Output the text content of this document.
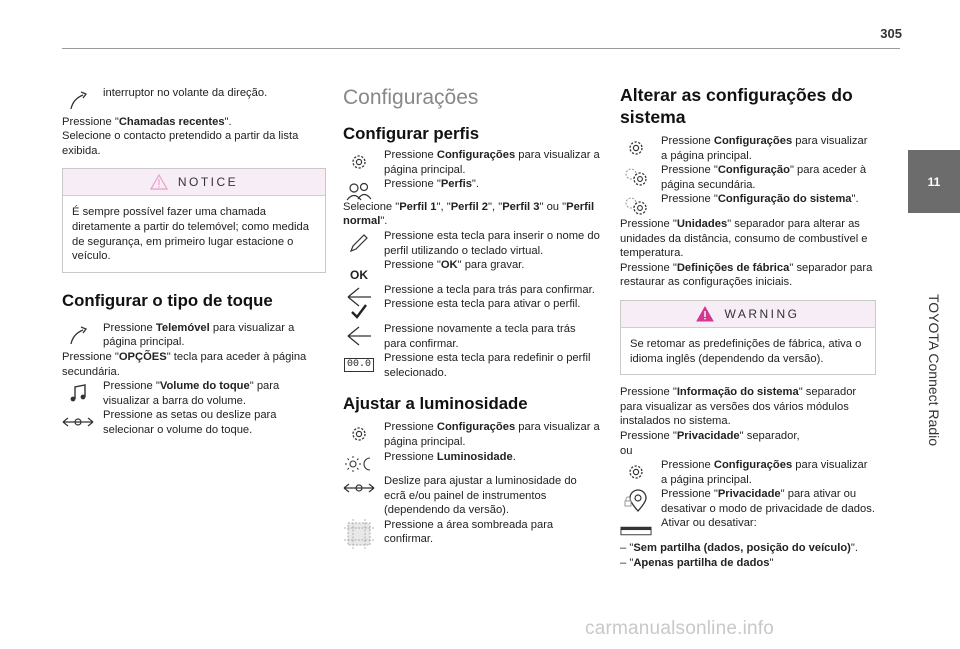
305
11
TOYOTA Connect Radio
carmanualsonline.info

interruptor no volante da direção.

Pressione "Chamadas recentes".

Selecione o contacto pretendido a partir da lista exibida.

NOTICE

É sempre possível fazer uma chamada diretamente a partir do telemóvel; como medida de segurança, em primeiro lugar estacione o veículo.

Configurar o tipo de toque

Pressione Telemóvel para visualizar a página principal.

Pressione "OPÇÕES" tecla para aceder à página secundária.

Pressione "Volume do toque" para visualizar a barra do volume.

Pressione as setas ou deslize para selecionar o volume do toque.

Configurações

Configurar perfis

Pressione Configurações para visualizar a página principal.

Pressione "Perfis".

Selecione "Perfil 1", "Perfil 2", "Perfil 3" ou "Perfil normal".

Pressione esta tecla para inserir o nome do perfil utilizando o teclado virtual.

OK

Pressione "OK" para gravar.

Pressione a tecla para trás para confirmar.

Pressione esta tecla para ativar o perfil.

Pressione novamente a tecla para trás para confirmar.

00.0

Pressione esta tecla para redefinir o perfil selecionado.

Ajustar a luminosidade

Pressione Configurações para visualizar a página principal.

Pressione Luminosidade.

Deslize para ajustar a luminosidade do ecrã e/ou painel de instrumentos (dependendo da versão).

Pressione a área sombreada para confirmar.

Alterar as configurações do sistema

Pressione Configurações para visualizar a página principal.

Pressione "Configuração" para aceder à página secundária.

Pressione "Configuração do sistema".

Pressione "Unidades" separador para alterar as unidades da distância, consumo de combustível e temperatura.

Pressione "Definições de fábrica" separador para restaurar as configurações iniciais.

WARNING

Se retomar as predefinições de fábrica, ativa o idioma inglês (dependendo da versão).

Pressione "Informação do sistema" separador para visualizar as versões dos vários módulos instalados no sistema.

Pressione "Privacidade" separador,

ou

Pressione Configurações para visualizar a página principal.

Pressione "Privacidade" para ativar ou desativar o modo de privacidade de dados.

Ativar ou desativar:

– "Sem partilha (dados, posição do veículo)".

– "Apenas partilha de dados"
